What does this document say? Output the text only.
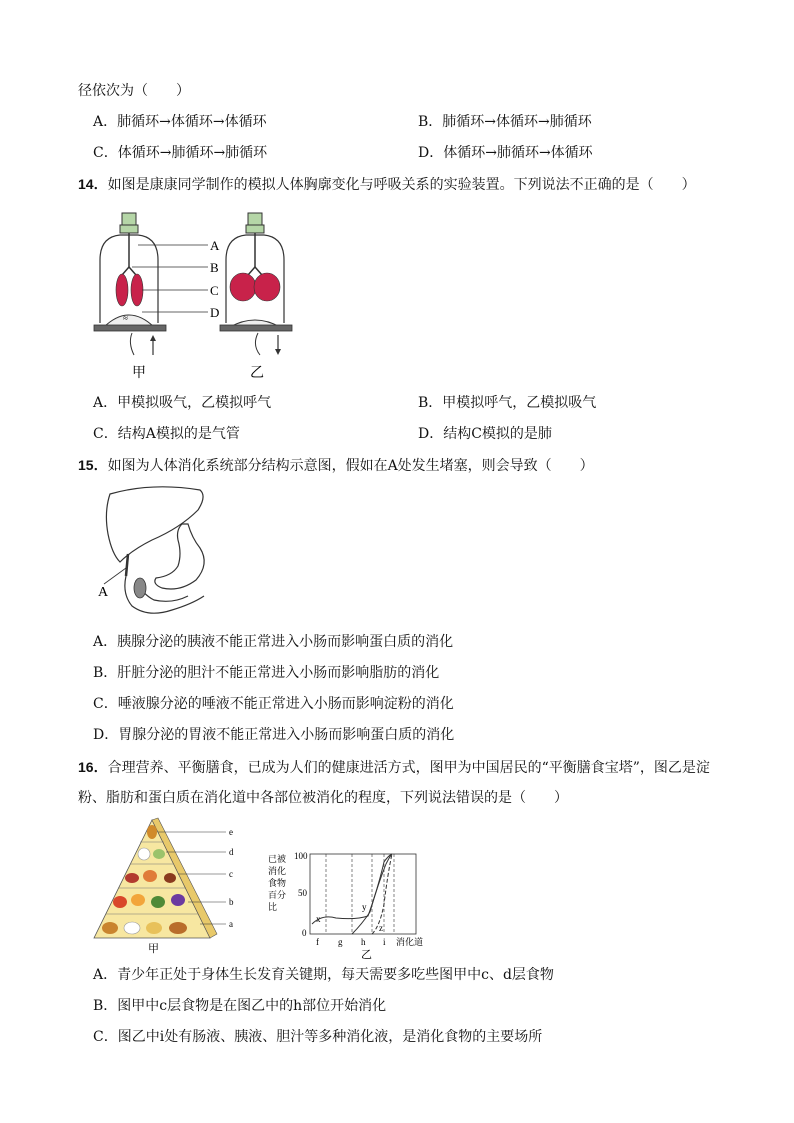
径依次为（　　）
A．肺循环→体循环→体循环	B．肺循环→体循环→肺循环
C．体循环→肺循环→肺循环	D．体循环→肺循环→体循环
14．如图是康康同学制作的模拟人体胸廓变化与呼吸关系的实验装置。下列说法不正确的是（　　）
≈
A
B
C
D
甲	乙
A．甲模拟吸气，乙模拟呼气	B．甲模拟呼气，乙模拟吸气
C．结构A模拟的是气管	D．结构C模拟的是肺
15．如图为人体消化系统部分结构示意图，假如在A处发生堵塞，则会导致（　　）
A
A．胰腺分泌的胰液不能正常进入小肠而影响蛋白质的消化
B．肝脏分泌的胆汁不能正常进入小肠而影响脂肪的消化
C．唾液腺分泌的唾液不能正常进入小肠而影响淀粉的消化
D．胃腺分泌的胃液不能正常进入小肠而影响蛋白质的消化
16．合理营养、平衡膳食，已成为人们的健康进活方式，图甲为中国居民的“平衡膳食宝塔”，图乙是淀
粉、脂肪和蛋白质在消化道中各部位被消化的程度，下列说法错误的是（　　）
e
d
c
b
a
甲
已被
消化
食物
百分
比
100
50
0
x
y
z
f g h i 消化道
乙
A．青少年正处于身体生长发育关键期，每天需要多吃些图甲中c、d层食物
B．图甲中c层食物是在图乙中的h部位开始消化
C．图乙中i处有肠液、胰液、胆汁等多种消化液，是消化食物的主要场所
